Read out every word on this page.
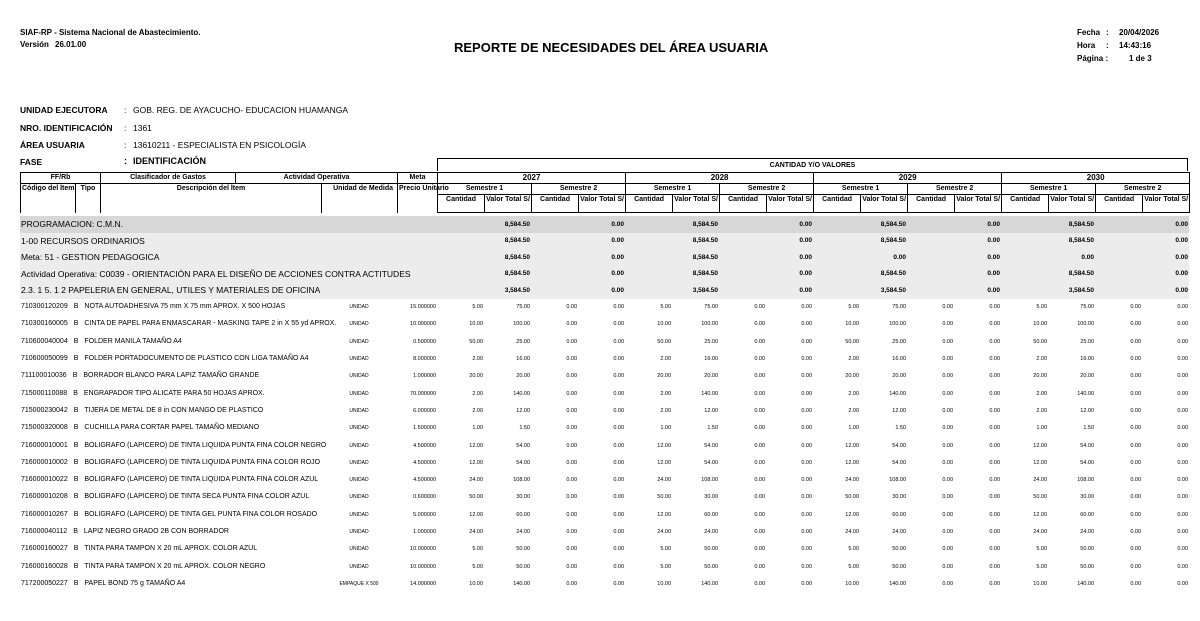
SIAF-RP - Sistema Nacional de Abastecimiento.
Versión 26.01.00	REPORTE DE NECESIDADES DEL ÁREA USUARIA
Fecha : 20/04/2026
Hora : 14:43:16
Página :	1 de 3
UNIDAD EJECUTORA : GOB. REG. DE AYACUCHO- EDUCACION HUAMANGA
NRO. IDENTIFICACIÓN : 1361
ÁREA USUARIA	: 13610211 - ESPECIALISTA EN PSICOLOGÍA
FASE	: IDENTIFICACIÓN	CANTIDAD Y/O VALORES
FF/Rb		Clasificador de Gastos	Actividad Operativa		Meta	2027				2028				2029				2030			
Código del Ítem	Tipo	Descripción del Ítem		Unidad de Medida	Precio Unitario	Semestre 1		Semestre 2		Semestre 1		Semestre 2		Semestre 1		Semestre 2		Semestre 1		Semestre 2	
						Cantidad	Valor Total S/	Cantidad	Valor Total S/	Cantidad	Valor Total S/	Cantidad	Valor Total S/	Cantidad	Valor Total S/	Cantidad	Valor Total S/	Cantidad	Valor Total S/	Cantidad	Valor Total S/
PROGRAMACION: C.M.N.				8,584.50		0.00		8,584.50		0.00		8,584.50		0.00		8,584.50		0.00
1-00 RECURSOS ORDINARIOS				8,584.50		0.00		8,584.50		0.00		8,584.50		0.00		8,584.50		0.00
Meta: 51 - GESTION PEDAGOGICA				8,584.50		0.00		8,584.50		0.00		0.00		0.00		0.00		0.00
Actividad Operativa: C0039 - ORIENTACIÓN PARA EL DISEÑO DE ACCIONES CONTRA ACTITUDES				8,584.50		0.00		8,584.50		0.00		8,584.50		0.00		8,584.50		0.00
2.3. 1 5. 1 2 PAPELERIA EN GENERAL, UTILES Y MATERIALES DE OFICINA				3,584.50		0.00		3,584.50		0.00		3,584.50		0.00		3,584.50		0.00
710300120209 B NOTA AUTOADHESIVA 75 mm X 75 mm APROX. X 500 HOJAS	UNIDAD	15.000000	5.00	75.00	0.00	0.00	5.00	75.00	0.00	0.00	5.00	75.00	0.00	0.00	5.00	75.00	0.00	0.00
710300160005 B CINTA DE PAPEL PARA ENMASCARAR - MASKING TAPE 2 in X 55 yd APROX.	UNIDAD	10.000000	10.00	100.00	0.00	0.00	10.00	100.00	0.00	0.00	10.00	100.00	0.00	0.00	10.00	100.00	0.00	0.00
710600040004 B FOLDER MANILA TAMAÑO A4	UNIDAD	0.500000	50.00	25.00	0.00	0.00	50.00	25.00	0.00	0.00	50.00	25.00	0.00	0.00	50.00	25.00	0.00	0.00
710600050099 B FOLDER PORTADOCUMENTO DE PLASTICO CON LIGA TAMAÑO A4	UNIDAD	8.000000	2.00	16.00	0.00	0.00	2.00	16.00	0.00	0.00	2.00	16.00	0.00	0.00	2.00	16.00	0.00	0.00
711100010036 B BORRADOR BLANCO PARA LAPIZ TAMAÑO GRANDE	UNIDAD	1.000000	20.00	20.00	0.00	0.00	20.00	20.00	0.00	0.00	20.00	20.00	0.00	0.00	20.00	20.00	0.00	0.00
715000110088 B ENGRAPADOR TIPO ALICATE PARA 50 HOJAS APROX.	UNIDAD	70.000000	2.00	140.00	0.00	0.00	2.00	140.00	0.00	0.00	2.00	140.00	0.00	0.00	2.00	140.00	0.00	0.00
715000230042 B TIJERA DE METAL DE 8 in CON MANGO DE PLASTICO	UNIDAD	6.000000	2.00	12.00	0.00	0.00	2.00	12.00	0.00	0.00	2.00	12.00	0.00	0.00	2.00	12.00	0.00	0.00
715000320008 B CUCHILLA PARA CORTAR PAPEL TAMAÑO MEDIANO	UNIDAD	1.500000	1.00	1.50	0.00	0.00	1.00	1.50	0.00	0.00	1.00	1.50	0.00	0.00	1.00	1.50	0.00	0.00
716000010001 B BOLIGRAFO (LAPICERO) DE TINTA LIQUIDA PUNTA FINA COLOR NEGRO	UNIDAD	4.500000	12.00	54.00	0.00	0.00	12.00	54.00	0.00	0.00	12.00	54.00	0.00	0.00	12.00	54.00	0.00	0.00
716000010002 B BOLIGRAFO (LAPICERO) DE TINTA LIQUIDA PUNTA FINA COLOR ROJO	UNIDAD	4.500000	12.00	54.00	0.00	0.00	12.00	54.00	0.00	0.00	12.00	54.00	0.00	0.00	12.00	54.00	0.00	0.00
716000010022 B BOLIGRAFO (LAPICERO) DE TINTA LIQUIDA PUNTA FINA COLOR AZUL	UNIDAD	4.500000	24.00	108.00	0.00	0.00	24.00	108.00	0.00	0.00	24.00	108.00	0.00	0.00	24.00	108.00	0.00	0.00
716000010208 B BOLIGRAFO (LAPICERO) DE TINTA SECA PUNTA FINA COLOR AZUL	UNIDAD	0.600000	50.00	30.00	0.00	0.00	50.00	30.00	0.00	0.00	50.00	30.00	0.00	0.00	50.00	30.00	0.00	0.00
716000010267 B BOLIGRAFO (LAPICERO) DE TINTA GEL PUNTA FINA COLOR ROSADO	UNIDAD	5.000000	12.00	60.00	0.00	0.00	12.00	60.00	0.00	0.00	12.00	60.00	0.00	0.00	12.00	60.00	0.00	0.00
716000040112 B LAPIZ NEGRO GRADO 2B CON BORRADOR	UNIDAD	1.000000	24.00	24.00	0.00	0.00	24.00	24.00	0.00	0.00	24.00	24.00	0.00	0.00	24.00	24.00	0.00	0.00
716000160027 B TINTA PARA TAMPON X 20 mL APROX. COLOR AZUL	UNIDAD	10.000000	5.00	50.00	0.00	0.00	5.00	50.00	0.00	0.00	5.00	50.00	0.00	0.00	5.00	50.00	0.00	0.00
716000160028 B TINTA PARA TAMPON X 20 mL APROX. COLOR NEGRO	UNIDAD	10.000000	5.00	50.00	0.00	0.00	5.00	50.00	0.00	0.00	5.00	50.00	0.00	0.00	5.00	50.00	0.00	0.00
717200050227 B PAPEL BOND 75 g TAMAÑO A4	EMPAQUE X 500	14.000000	10.00	140.00	0.00	0.00	10.00	140.00	0.00	0.00	10.00	140.00	0.00	0.00	10.00	140.00	0.00	0.00
